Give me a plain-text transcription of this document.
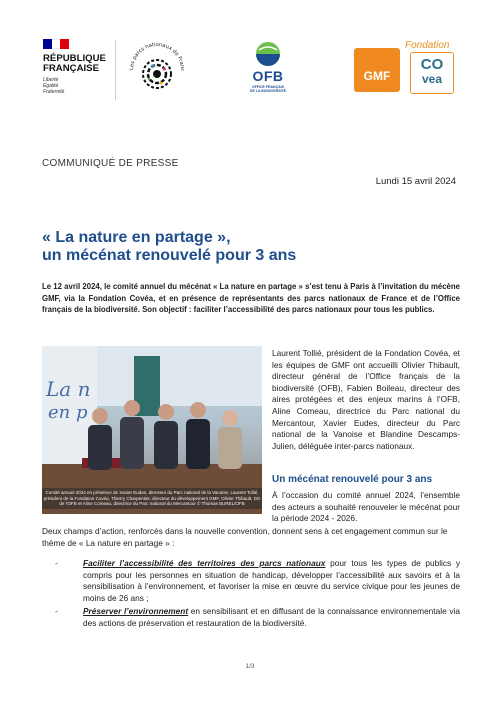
RÉPUBLIQUE
FRANÇAISE
Liberté
Égalité
Fraternité
Les parcs nationaux de Franc	OFB
OFFICE FRANÇAIS
DE LA BIODIVERSITÉ
GMF
Fondation
CO
vea
COMMUNIQUÉ DE PRESSE
Lundi 15 avril 2024
« La nature en partage »,
un mécénat renouvelé pour 3 ans
Le 12 avril 2024, le comité annuel du mécénat « La nature en partage » s’est tenu à Paris à l’invitation du mécène GMF, via la Fondation Covéa, et en présence de représentants des parcs nationaux de France et de l’Office français de la biodiversité. Son objectif : faciliter l’accessibilité des parcs nationaux pour tous les publics.
La n
en p
Comité annuel 2024 en présence de Xavier Eudes, directeur du Parc national de la Vanoise, Laurent Tollié, président de la Fondation Covéa, Thierry Charpentier, directeur du développement GMF, Olivier Thibault, DG de l'OFB et Aline Comeau, directrice du Parc national du Mercantour © Thomas BUREL/OFB
Laurent Tollié, président de la Fondation Covéa, et les équipes de GMF ont accueilli Olivier Thibault, directeur général de l’Office français de la biodiversité (OFB), Fabien Boileau, directeur des aires protégées et des enjeux marins à l’OFB, Aline Comeau, directrice du Parc national du Mercantour, Xavier Eudes, directeur du Parc national de la Vanoise et Blandine Descamps-Julien, déléguée inter-parcs nationaux.
Un mécénat renouvelé pour 3 ans
À l’occasion du comité annuel 2024, l’ensemble des acteurs a souhaité renouveler le mécénat pour la période 2024 - 2026.
Deux champs d’action, renforcés dans la nouvelle convention, donnent sens à cet engagement commun sur le thème de « La nature en partage » :
-	Faciliter l’accessibilité des territoires des parcs nationaux pour tous les types de publics y compris pour les personnes en situation de handicap, développer l’accessibilité aux savoirs et à la sensibilisation à l’environnement, et favoriser la mise en œuvre du service civique pour les jeunes de moins de 26 ans ;
-	Préserver l’environnement en sensibilisant et en diffusant de la connaissance environnementale via des actions de préservation et restauration de la biodiversité.
1/3
